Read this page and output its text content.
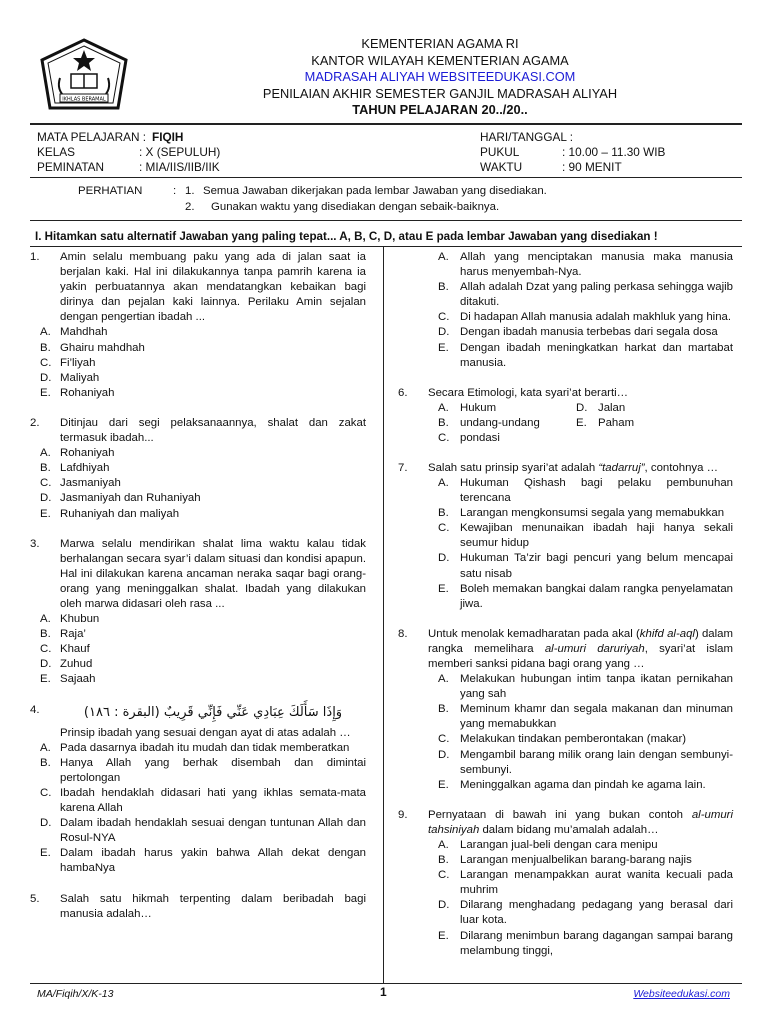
IKHLAS BERAMAL
KEMENTERIAN AGAMA RI
KANTOR WILAYAH KEMENTERIAN AGAMA
MADRASAH ALIYAH WEBSITEEDUKASI.COM
PENILAIAN AKHIR SEMESTER GANJIL MADRASAH ALIYAH
TAHUN PELAJARAN 20../20..
MATA PELAJARAN : FIQIH	HARI/TANGGAL :
KELAS	: X (SEPULUH)	PUKUL	: 10.00 – 11.30 WIB
PEMINATAN	: MIA/IIS/IIB/IIK	WAKTU	: 90 MENIT
PERHATIAN	: 1. Semua Jawaban dikerjakan pada lembar Jawaban yang disediakan.
2. Gunakan waktu yang disediakan dengan sebaik-baiknya.
I. Hitamkan satu alternatif Jawaban yang paling tepat... A, B, C, D, atau E pada lembar Jawaban yang disediakan !
1. Amin selalu membuang paku yang ada di jalan saat ia berjalan kaki. Hal ini dilakukannya tanpa pamrih karena ia yakin perbuatannya akan mendatangkan kebaikan bagi dirinya dan pejalan kaki lainnya. Perilaku Amin sejalan dengan pengertian ibadah ...
A. Mahdhah
B. Ghairu mahdhah
C. Fi’liyah
D. Maliyah
E. Rohaniyah
2. Ditinjau dari segi pelaksanaannya, shalat dan zakat termasuk ibadah...
A. Rohaniyah
B. Lafdhiyah
C. Jasmaniyah
D. Jasmaniyah dan Ruhaniyah
E. Ruhaniyah dan maliyah
3. Marwa selalu mendirikan shalat lima waktu kalau tidak berhalangan secara syar’i dalam situasi dan kondisi apapun. Hal ini dilakukan karena ancaman neraka saqar bagi orang-orang yang meninggalkan shalat. Ibadah yang dilakukan oleh marwa didasari oleh rasa ...
A. Khubun
B. Raja’
C. Khauf
D. Zuhud
E. Sajaah
4.	وَإِذَا سَأَلَكَ عِبَادِي عَنِّي فَإِنِّي قَرِيبٌ (البقرة : ١٨٦)
Prinsip ibadah yang sesuai dengan ayat di atas adalah …
A. Pada dasarnya ibadah itu mudah dan tidak memberatkan
B. Hanya Allah yang berhak disembah dan dimintai pertolongan
C. Ibadah hendaklah didasari hati yang ikhlas semata-mata karena Allah
D. Dalam ibadah hendaklah sesuai dengan tuntunan Allah dan Rosul-NYA
E. Dalam ibadah harus yakin bahwa Allah dekat dengan hambaNya
5. Salah satu hikmah terpenting dalam beribadah bagi manusia adalah…
A. Allah yang menciptakan manusia maka manusia harus menyembah-Nya.
B. Allah adalah Dzat yang paling perkasa sehingga wajib ditakuti.
C. Di hadapan Allah manusia adalah makhluk yang hina.
D. Dengan ibadah manusia terbebas dari segala dosa
E. Dengan ibadah meningkatkan harkat dan martabat manusia.
6. Secara Etimologi, kata syari’at berarti…
A. Hukum	D. Jalan
B. undang-undang	E. Paham
C. pondasi
7. Salah satu prinsip syari’at adalah “tadarruj”, contohnya …
A. Hukuman Qishash bagi pelaku pembunuhan terencana
B. Larangan mengkonsumsi segala yang memabukkan
C. Kewajiban menunaikan ibadah haji hanya sekali seumur hidup
D. Hukuman Ta’zir bagi pencuri yang belum mencapai satu nisab
E. Boleh memakan bangkai dalam rangka penyelamatan jiwa.
8. Untuk menolak kemadharatan pada akal (khifd al-aql) dalam rangka memelihara al-umuri daruriyah, syari’at islam memberi sanksi pidana bagi orang yang …
A. Melakukan hubungan intim tanpa ikatan pernikahan yang sah
B. Meminum khamr dan segala makanan dan minuman yang memabukkan
C. Melakukan tindakan pemberontakan (makar)
D. Mengambil barang milik orang lain dengan sembunyi-sembunyi.
E. Meninggalkan agama dan pindah ke agama lain.
9. Pernyataan di bawah ini yang bukan contoh al-umuri tahsiniyah dalam bidang mu’amalah adalah…
A. Larangan jual-beli dengan cara menipu
B. Larangan menjualbelikan barang-barang najis
C. Larangan menampakkan aurat wanita kecuali pada muhrim
D. Dilarang menghadang pedagang yang berasal dari luar kota.
E. Dilarang menimbun barang dagangan sampai barang melambung tinggi,
MA/Fiqih/X/K-13	1	Websiteedukasi.com
